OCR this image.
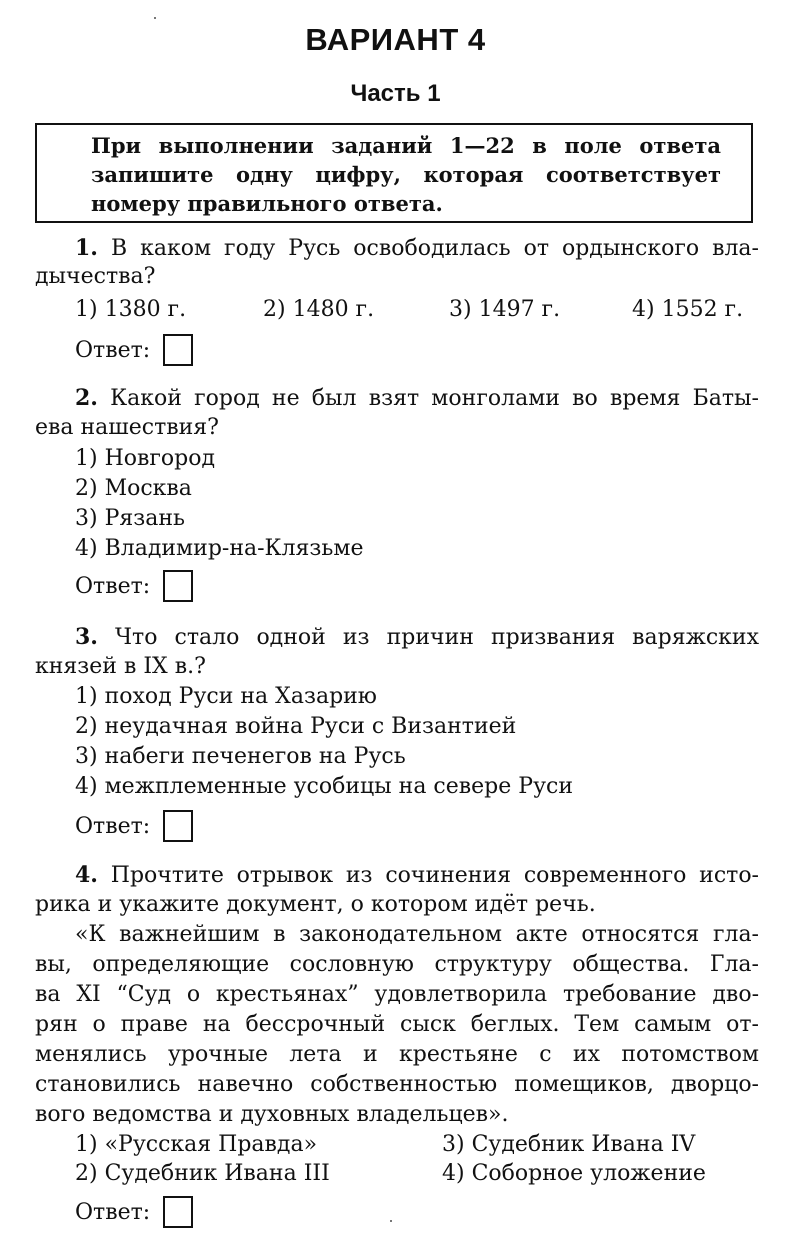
ВАРИАНТ 4
Часть 1
При выполнении заданий 1—22 в поле ответа запишите одну цифру, которая соответствует номеру правильного ответа.
1. В каком году Русь освободилась от ордынского вла-
дычества?
1) 1380 г.	2) 1480 г.	3) 1497 г.	4) 1552 г.
Ответ:
2. Какой город не был взят монголами во время Баты-
ева нашествия?
1) Новгород
2) Москва
3) Рязань
4) Владимир-на-Клязьме
Ответ:
3. Что стало одной из причин призвания варяжских
князей в IX в.?
1) поход Руси на Хазарию
2) неудачная война Руси с Византией
3) набеги печенегов на Русь
4) межплеменные усобицы на севере Руси
Ответ:
4. Прочтите отрывок из сочинения современного исто-
рика и укажите документ, о котором идёт речь.
«К важнейшим в законодательном акте относятся гла-
вы, определяющие сословную структуру общества. Гла-
ва XI “Суд о крестьянах” удовлетворила требование дво-
рян о праве на бессрочный сыск беглых. Тем самым от-
менялись урочные лета и крестьяне с их потомством
становились навечно собственностью помещиков, дворцо-
вого ведомства и духовных владельцев».
1) «Русская Правда»
2) Судебник Ивана III
3) Судебник Ивана IV
4) Соборное уложение
Ответ:
